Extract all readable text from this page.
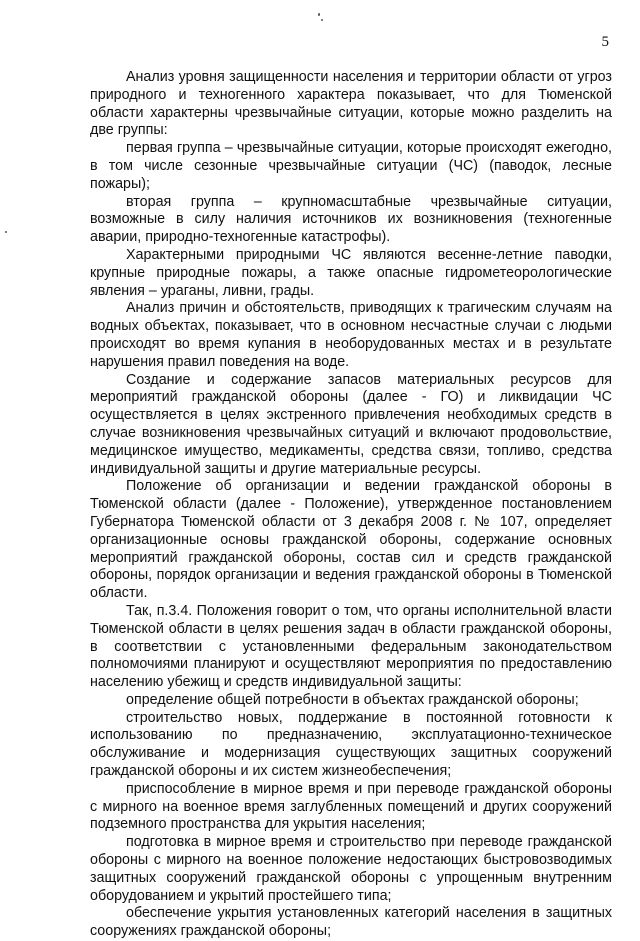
5

Анализ уровня защищенности населения и территории области от угроз природного и техногенного характера показывает, что для Тюменской области характерны чрезвычайные ситуации, которые можно разделить на две группы:

первая группа – чрезвычайные ситуации, которые происходят ежегодно, в том числе сезонные чрезвычайные ситуации (ЧС) (паводок, лесные пожары);

вторая группа – крупномасштабные чрезвычайные ситуации, возможные в силу наличия источников их возникновения (техногенные аварии, природно-техногенные катастрофы).

Характерными природными ЧС являются весенне-летние паводки, крупные природные пожары, а также опасные гидрометеорологические явления – ураганы, ливни, грады.

Анализ причин и обстоятельств, приводящих к трагическим случаям на водных объектах, показывает, что в основном несчастные случаи с людьми происходят во время купания в необорудованных местах и в результате нарушения правил поведения на воде.

Создание и содержание запасов материальных ресурсов для мероприятий гражданской обороны (далее - ГО) и ликвидации ЧС осуществляется в целях экстренного привлечения необходимых средств в случае возникновения чрезвычайных ситуаций и включают продовольствие, медицинское имущество, медикаменты, средства связи, топливо, средства индивидуальной защиты и другие материальные ресурсы.

Положение об организации и ведении гражданской обороны в Тюменской области (далее - Положение), утвержденное постановлением Губернатора Тюменской области от 3 декабря 2008 г. № 107, определяет организационные основы гражданской обороны, содержание основных мероприятий гражданской обороны, состав сил и средств гражданской обороны, порядок организации и ведения гражданской обороны в Тюменской области.

Так, п.3.4. Положения говорит о том, что органы исполнительной власти Тюменской области в целях решения задач в области гражданской обороны, в соответствии с установленными федеральным законодательством полномочиями планируют и осуществляют мероприятия по предоставлению населению убежищ и средств индивидуальной защиты:

определение общей потребности в объектах гражданской обороны;

строительство новых, поддержание в постоянной готовности к использованию по предназначению, эксплуатационно-техническое обслуживание и модернизация существующих защитных сооружений гражданской обороны и их систем жизнеобеспечения;

приспособление в мирное время и при переводе гражданской обороны с мирного на военное время заглубленных помещений и других сооружений подземного пространства для укрытия населения;

подготовка в мирное время и строительство при переводе гражданской обороны с мирного на военное положение недостающих быстровозводимых защитных сооружений гражданской обороны с упрощенным внутренним оборудованием и укрытий простейшего типа;

обеспечение укрытия установленных категорий населения в защитных сооружениях гражданской обороны;
